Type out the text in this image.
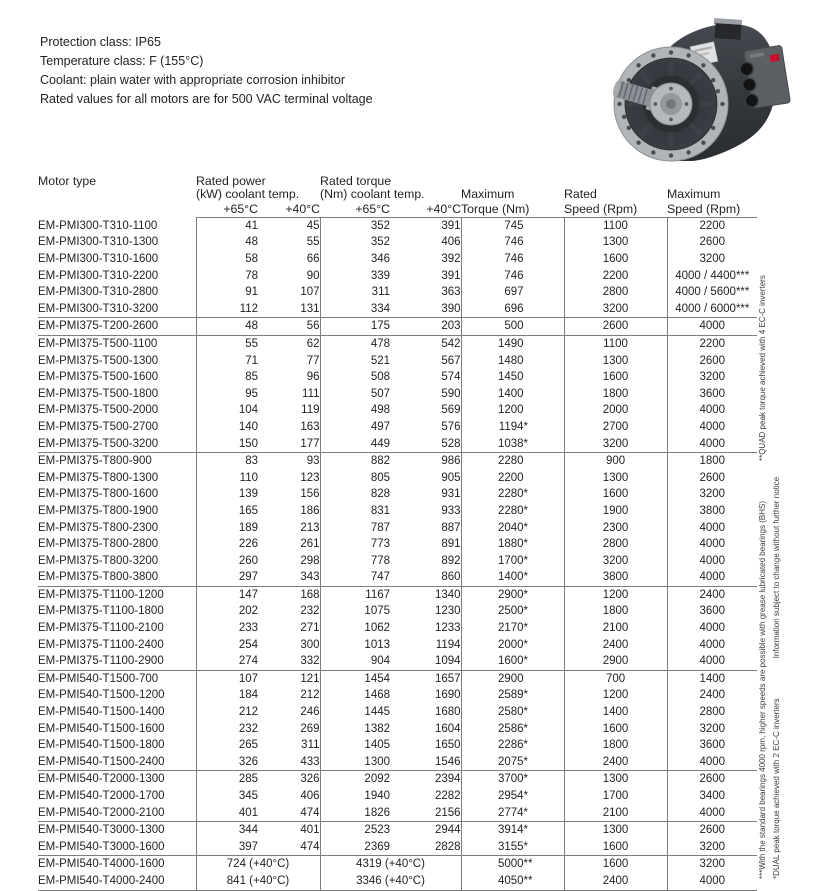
Protection class: IP65
Temperature class: F (155°C)
Coolant: plain water with appropriate corrosion inhibitor
Rated values for all motors are for 500 VAC terminal voltage
Motor type	Rated power		Rated torque				
	(kW) coolant temp.		(Nm) coolant temp.		Maximum	Rated	Maximum
	+65°C	+40°C	+65°C	+40°C	Torque (Nm)	Speed (Rpm)	Speed (Rpm)
EM-PMI300-T310-1100	41	45	352	391	745	1100	2200
EM-PMI300-T310-1300	48	55	352	406	746	1300	2600
EM-PMI300-T310-1600	58	66	346	392	746	1600	3200
EM-PMI300-T310-2200	78	90	339	391	746	2200	4000 / 4400***
EM-PMI300-T310-2800	91	107	311	363	697	2800	4000 / 5600***
EM-PMI300-T310-3200	112	131	334	390	696	3200	4000 / 6000***
EM-PMI375-T200-2600	48	56	175	203	500	2600	4000
EM-PMI375-T500-1100	55	62	478	542	1490	1100	2200
EM-PMI375-T500-1300	71	77	521	567	1480	1300	2600
EM-PMI375-T500-1600	85	96	508	574	1450	1600	3200
EM-PMI375-T500-1800	95	111	507	590	1400	1800	3600
EM-PMI375-T500-2000	104	119	498	569	1200	2000	4000
EM-PMI375-T500-2700	140	163	497	576	1194*	2700	4000
EM-PMI375-T500-3200	150	177	449	528	1038*	3200	4000
EM-PMI375-T800-900	83	93	882	986	2280	900	1800
EM-PMI375-T800-1300	110	123	805	905	2200	1300	2600
EM-PMI375-T800-1600	139	156	828	931	2280*	1600	3200
EM-PMI375-T800-1900	165	186	831	933	2280*	1900	3800
EM-PMI375-T800-2300	189	213	787	887	2040*	2300	4000
EM-PMI375-T800-2800	226	261	773	891	1880*	2800	4000
EM-PMI375-T800-3200	260	298	778	892	1700*	3200	4000
EM-PMI375-T800-3800	297	343	747	860	1400*	3800	4000
EM-PMI375-T1100-1200	147	168	1167	1340	2900*	1200	2400
EM-PMI375-T1100-1800	202	232	1075	1230	2500*	1800	3600
EM-PMI375-T1100-2100	233	271	1062	1233	2170*	2100	4000
EM-PMI375-T1100-2400	254	300	1013	1194	2000*	2400	4000
EM-PMI375-T1100-2900	274	332	904	1094	1600*	2900	4000
EM-PMI540-T1500-700	107	121	1454	1657	2900	700	1400
EM-PMI540-T1500-1200	184	212	1468	1690	2589*	1200	2400
EM-PMI540-T1500-1400	212	246	1445	1680	2580*	1400	2800
EM-PMI540-T1500-1600	232	269	1382	1604	2586*	1600	3200
EM-PMI540-T1500-1800	265	311	1405	1650	2286*	1800	3600
EM-PMI540-T1500-2400	326	433	1300	1546	2075*	2400	4000
EM-PMI540-T2000-1300	285	326	2092	2394	3700*	1300	2600
EM-PMI540-T2000-1700	345	406	1940	2282	2954*	1700	3400
EM-PMI540-T2000-2100	401	474	1826	2156	2774*	2100	4000
EM-PMI540-T3000-1300	344	401	2523	2944	3914*	1300	2600
EM-PMI540-T3000-1600	397	474	2369	2828	3155*	1600	3200
EM-PMI540-T4000-1600	724 (+40°C)		4319 (+40°C)		5000**	1600	3200
EM-PMI540-T4000-2400	841 (+40°C)		3346 (+40°C)		4050**	2400	4000
***With the standard bearings 4000 rpm, higher speeds are possible with grease lubricated bearings (BHS)
**QUAD peak torque achieved with 4 EC-C inverters
*DUAL peak torque achieved with 2 EC-C inverters
Information subject to change without further notice
